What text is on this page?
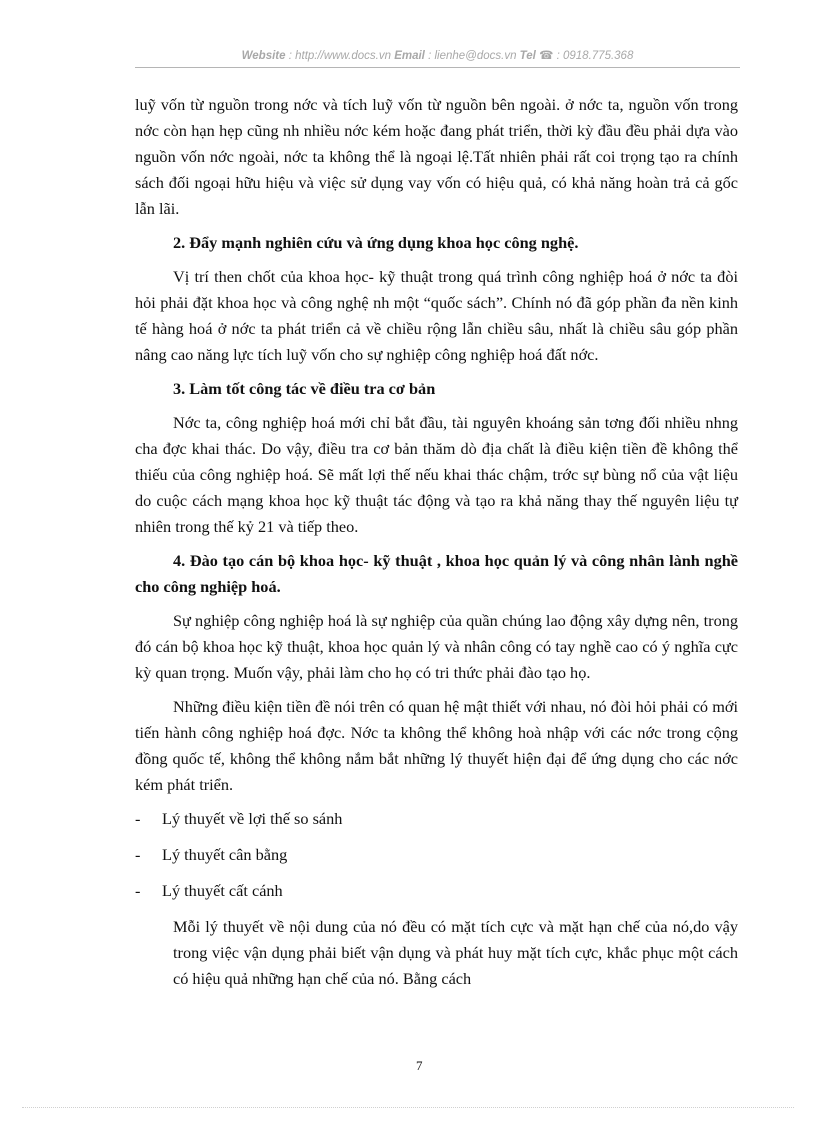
Website : http://www.docs.vn Email : lienhe@docs.vn Tel ☎ : 0918.775.368

luỹ vốn từ nguồn trong nớc và tích luỹ vốn từ nguồn bên ngoài. ở nớc ta, nguồn vốn trong nớc còn hạn hẹp cũng nh nhiều nớc kém hoặc đang phát triển, thời kỳ đầu đều phải dựa vào nguồn vốn nớc ngoài, nớc ta không thể là ngoại lệ.Tất nhiên phải rất coi trọng tạo ra chính sách đối ngoại hữu hiệu và việc sử dụng vay vốn có hiệu quả, có khả năng hoàn trả cả gốc lẫn lãi.

2. Đẩy mạnh nghiên cứu và ứng dụng khoa học công nghệ.

Vị trí then chốt của khoa học- kỹ thuật trong quá trình công nghiệp hoá ở nớc ta đòi hỏi phải đặt khoa học và công nghệ nh một “quốc sách”. Chính nó đã góp phần đa nền kinh tế hàng hoá ở nớc ta phát triển cả về chiều rộng lẫn chiều sâu, nhất là chiều sâu góp phần nâng cao năng lực tích luỹ vốn cho sự nghiệp công nghiệp hoá đất nớc.

3. Làm tốt công tác về điều tra cơ bản

Nớc ta, công nghiệp hoá mới chỉ bắt đầu, tài nguyên khoáng sản tơng đối nhiều nhng cha đợc khai thác. Do vậy, điều tra cơ bản thăm dò địa chất là điều kiện tiền đề không thể thiếu của công nghiệp hoá. Sẽ mất lợi thế nếu khai thác chậm, trớc sự bùng nổ của vật liệu do cuộc cách mạng khoa học kỹ thuật tác động và tạo ra khả năng thay thế nguyên liệu tự nhiên trong thế kỷ 21 và tiếp theo.

4. Đào tạo cán bộ khoa học- kỹ thuật , khoa học quản lý và công nhân lành nghề cho công nghiệp hoá.

Sự nghiệp công nghiệp hoá là sự nghiệp của quần chúng lao động xây dựng nên, trong đó cán bộ khoa học kỹ thuật, khoa học quản lý và nhân công có tay nghề cao có ý nghĩa cực kỳ quan trọng. Muốn vậy, phải làm cho họ có tri thức phải đào tạo họ.

Những điều kiện tiền đề nói trên có quan hệ mật thiết với nhau, nó đòi hỏi phải có mới tiến hành công nghiệp hoá đợc. Nớc ta không thể không hoà nhập với các nớc trong cộng đồng quốc tế, không thể không nắm bắt những lý thuyết hiện đại để ứng dụng cho các nớc kém phát triển.

-	Lý thuyết về lợi thế so sánh
-	Lý thuyết cân bằng
-	Lý thuyết cất cánh

Mỗi lý thuyết về nội dung của nó đều có mặt tích cực và mặt hạn chế của nó,do vậy trong việc vận dụng phải biết vận dụng và phát huy mặt tích cực, khắc phục một cách có hiệu quả những hạn chế của nó. Bằng cách

7
